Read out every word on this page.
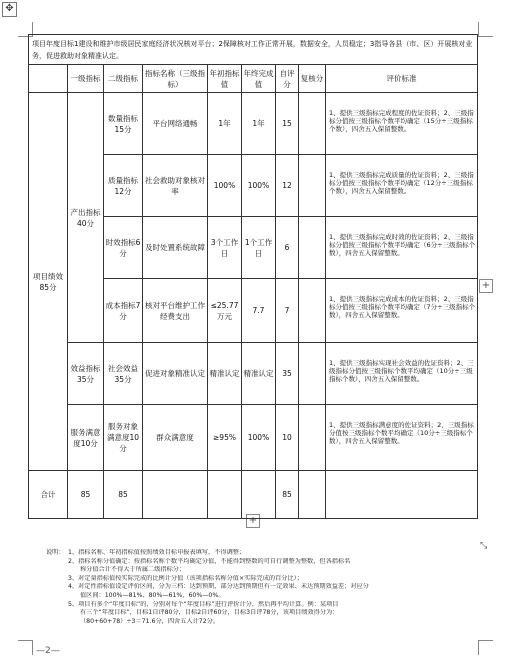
✥
+
+
⤡
项目年度目标1建设和维护市级居民家庭经济状况核对平台；2保障核对工作正常开展，数据安全，人员稳定；3指导各县（市、区）开展核对业务，促进救助对象精准认定。								
	一级指标	二级指标	指标名称（三级指标）	年初指标值	年终完成值	自评分	复核分	评价标准
项目绩效85分	产出指标40分	数量指标15分	平台网络通畅	1年	1年	15		1、提供三级指标完成程度的佐证资料；2、三级指标分值按三级指标个数平均确定（15分÷三级指标个数），四舍五入保留整数。
		质量指标12分	社会救助对象核对率	100%	100%	12		1、提供三级指标完成质量的佐证资料；2、三级指标分值按三级指标个数平均确定（12分÷三级指标个数），四舍五入保留整数。
		时效指标6分	及时处置系统故障	3个工作日	1个工作日	6		1、提供三级指标完成时效的佐证资料；2、三级指标分值按三级指标个数平均确定（6分÷三级指标个数），四舍五入保留整数。
		成本指标7分	核对平台维护工作经费支出	≤25.77万元	7.7	7		1、提供三级指标完成成本的佐证资料；2、三级指标分值按三级指标个数平均确定（7分÷三级指标个数），四舍五入保留整数。
	效益指标35分	社会效益35分	促进对象精准认定	精准认定	精准认定	35		1、提供三级指标实现社会效益的佐证资料；2、三级指标分值按三级指标个数平均确定（10分÷三级指标个数），四舍五入保留整数。
	服务满意度10分	服务对象满意度10分	群众满意度	≥95%	100%	10		1、提供三级指标满意度的佐证资料；2、三级指标分值按三级指标个数平均确定（10分÷三级指标个数），四舍五入保留整数。
合计	85	85				85		
说明： 1、指标名称、年初指标值按照绩效目标申报表填写，不得调整；
2、指标名称分值确定：按指标名称个数平均确定分值，不能得到整数的可自行调整为整数，但各指标名
称分值合计不得大于所属二级指标分；
3、对定量指标值按实际完成的比例计分值（该项指标名称分值×实际完成的百分比）；
4、对定性指标值设定评价区间，分为三档：达到预期、部分达到预期但有一定效果、未达预期效益差；对应分
值区间：100%—81%、80%—61%、60%—0%。
5、项目有多个“年度目标”的，分别对每个“年度目标”进行评价计分，然后再平均计算。例：某项目
有三个“年度目标”，目标1自评80分，目标2自评60分，目标3自评78分，该项目绩效得分为：
（80+60+78）÷3＝71.6分，四舍五入计72分。
—2—
